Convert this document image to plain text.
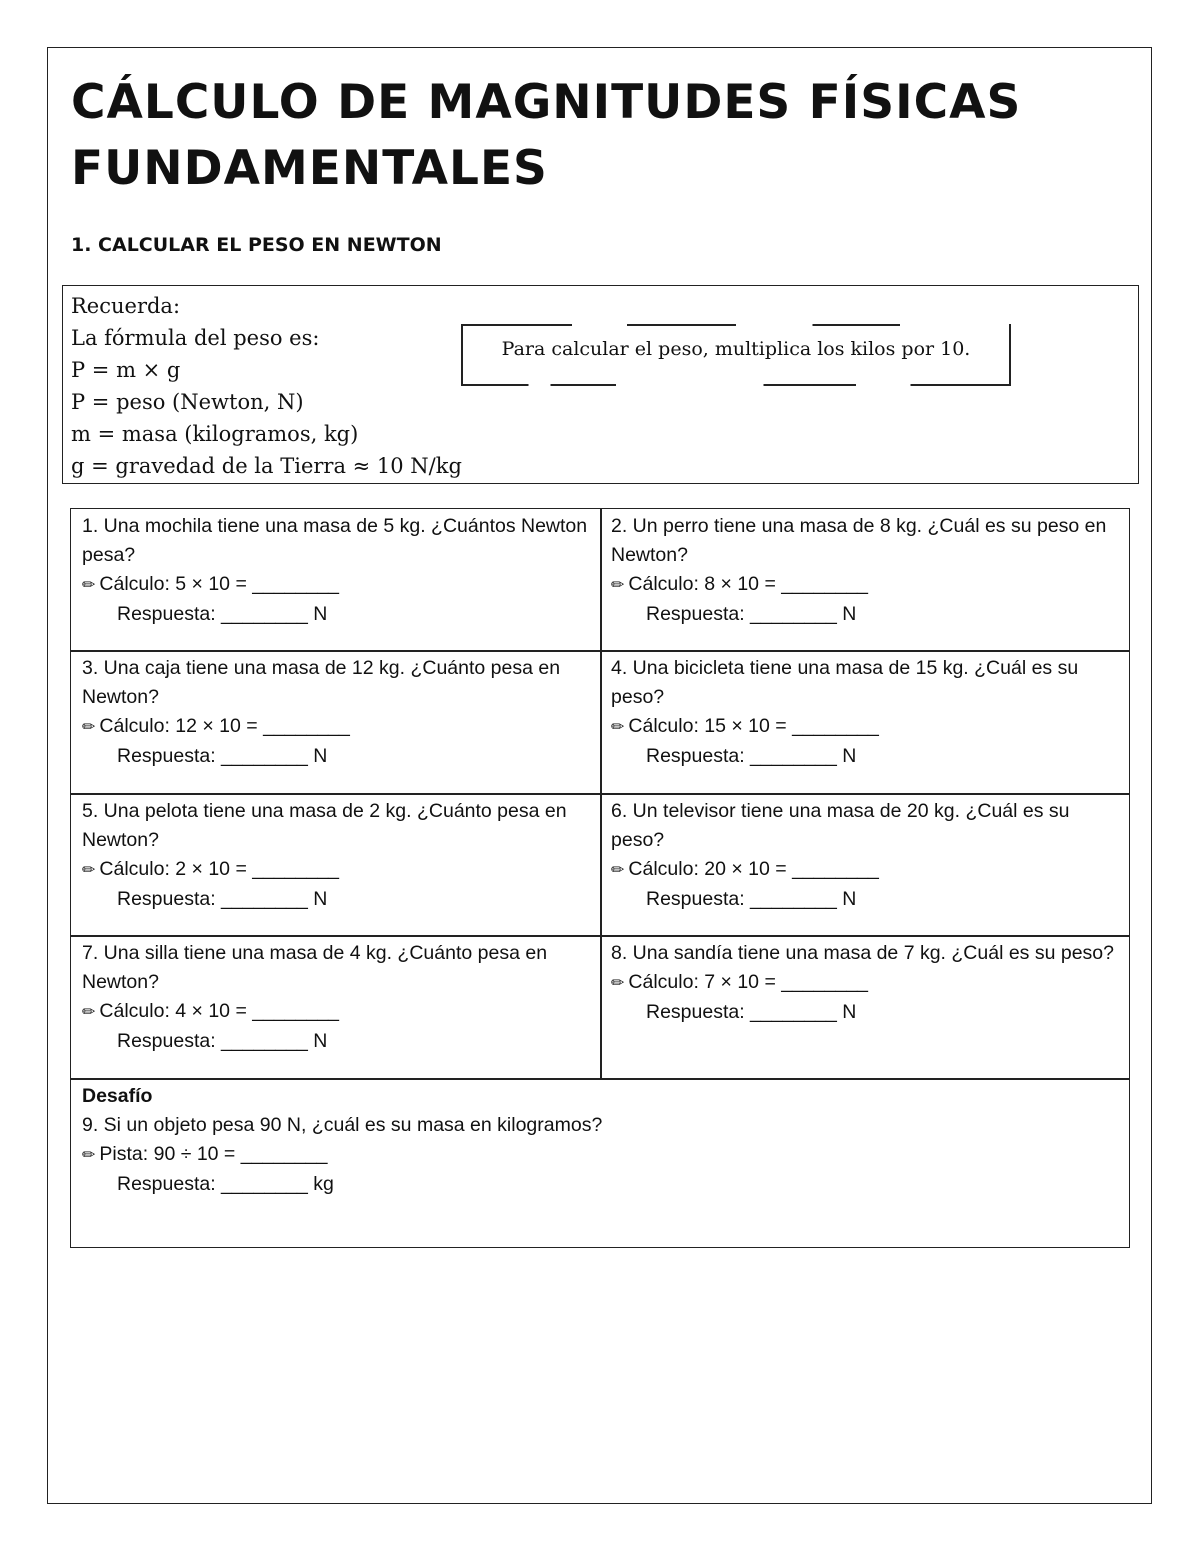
CÁLCULO DE MAGNITUDES FÍSICAS FUNDAMENTALES
1. CALCULAR EL PESO EN NEWTON
Recuerda:
La fórmula del peso es:
P = m × g
P = peso (Newton, N)
m = masa (kilogramos, kg)
g = gravedad de la Tierra ≈ 10 N/kg
Para calcular el peso, multiplica los kilos por 10.
1. Una mochila tiene una masa de 5 kg. ¿Cuántos Newton pesa?
✏ Cálculo: 5 × 10 = ________
Respuesta: ________ N
2. Un perro tiene una masa de 8 kg. ¿Cuál es su peso en Newton?
✏ Cálculo: 8 × 10 = ________
Respuesta: ________ N
3. Una caja tiene una masa de 12 kg. ¿Cuánto pesa en Newton?
✏ Cálculo: 12 × 10 = ________
Respuesta: ________ N
4. Una bicicleta tiene una masa de 15 kg. ¿Cuál es su peso?
✏ Cálculo: 15 × 10 = ________
Respuesta: ________ N
5. Una pelota tiene una masa de 2 kg. ¿Cuánto pesa en Newton?
✏ Cálculo: 2 × 10 = ________
Respuesta: ________ N
6. Un televisor tiene una masa de 20 kg. ¿Cuál es su peso?
✏ Cálculo: 20 × 10 = ________
Respuesta: ________ N
7. Una silla tiene una masa de 4 kg. ¿Cuánto pesa en Newton?
✏ Cálculo: 4 × 10 = ________
Respuesta: ________ N
8. Una sandía tiene una masa de 7 kg. ¿Cuál es su peso?
✏ Cálculo: 7 × 10 = ________
Respuesta: ________ N
Desafío
9. Si un objeto pesa 90 N, ¿cuál es su masa en kilogramos?
✏ Pista: 90 ÷ 10 = ________
Respuesta: ________ kg
